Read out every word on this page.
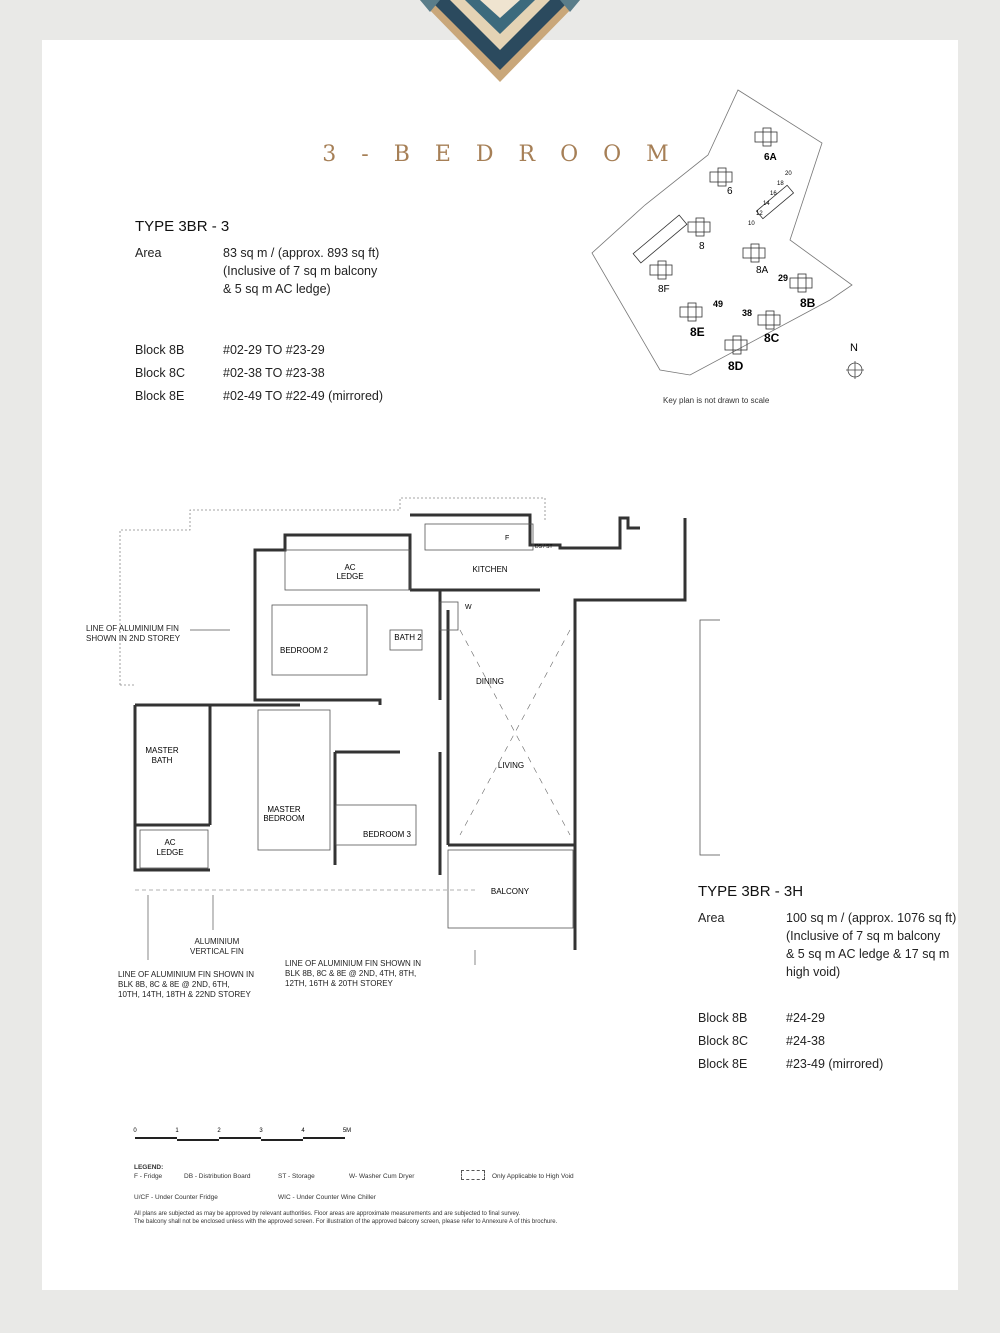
3 - B E D R O O M
TYPE 3BR - 3
Area	83 sq m / (approx. 893 sq ft)
(Inclusive of 7 sq m balcony
& 5 sq m AC ledge)
Block 8B	#02-29 TO #23-29
Block 8C	#02-38 TO #23-38
Block 8E	#02-49 TO #22-49 (mirrored)
6A
6
8
8A
8F
8B
8E	8C
8D
20
18
16
14
12
10
29
49
38
N
Key plan is not drawn to scale
AC
LEDGE
KITCHEN
F
DS / ST
W
BEDROOM 2
BATH 2
DINING
MASTER
BATH
LIVING
MASTER
BEDROOM
BEDROOM 3
AC
LEDGE
BALCONY
LINE OF ALUMINIUM FIN
SHOWN IN 2ND STOREY
ALUMINIUM
VERTICAL FIN
LINE OF ALUMINIUM FIN SHOWN IN
BLK 8B, 8C & 8E @ 2ND, 6TH,
10TH, 14TH, 18TH & 22ND STOREY
LINE OF ALUMINIUM FIN SHOWN IN
BLK 8B, 8C & 8E @ 2ND, 4TH, 8TH,
12TH, 16TH & 20TH STOREY
TYPE 3BR - 3H
Area	100 sq m / (approx. 1076 sq ft)
(Inclusive of 7 sq m balcony
& 5 sq m AC ledge & 17 sq m
high void)
Block 8B	#24-29
Block 8C	#24-38
Block 8E	#23-49 (mirrored)
0	1	2	3	4	5M
LEGEND:
F - Fridge	DB - Distribution Board	ST - Storage	W- Washer Cum Dryer	Only Applicable to High Void
U/CF - Under Counter Fridge	WIC - Under Counter Wine Chiller
All plans are subjected as may be approved by relevant authorities. Floor areas are approximate measurements and are subjected to final survey.
The balcony shall not be enclosed unless with the approved screen. For illustration of the approved balcony screen, please refer to Annexure A of this brochure.
